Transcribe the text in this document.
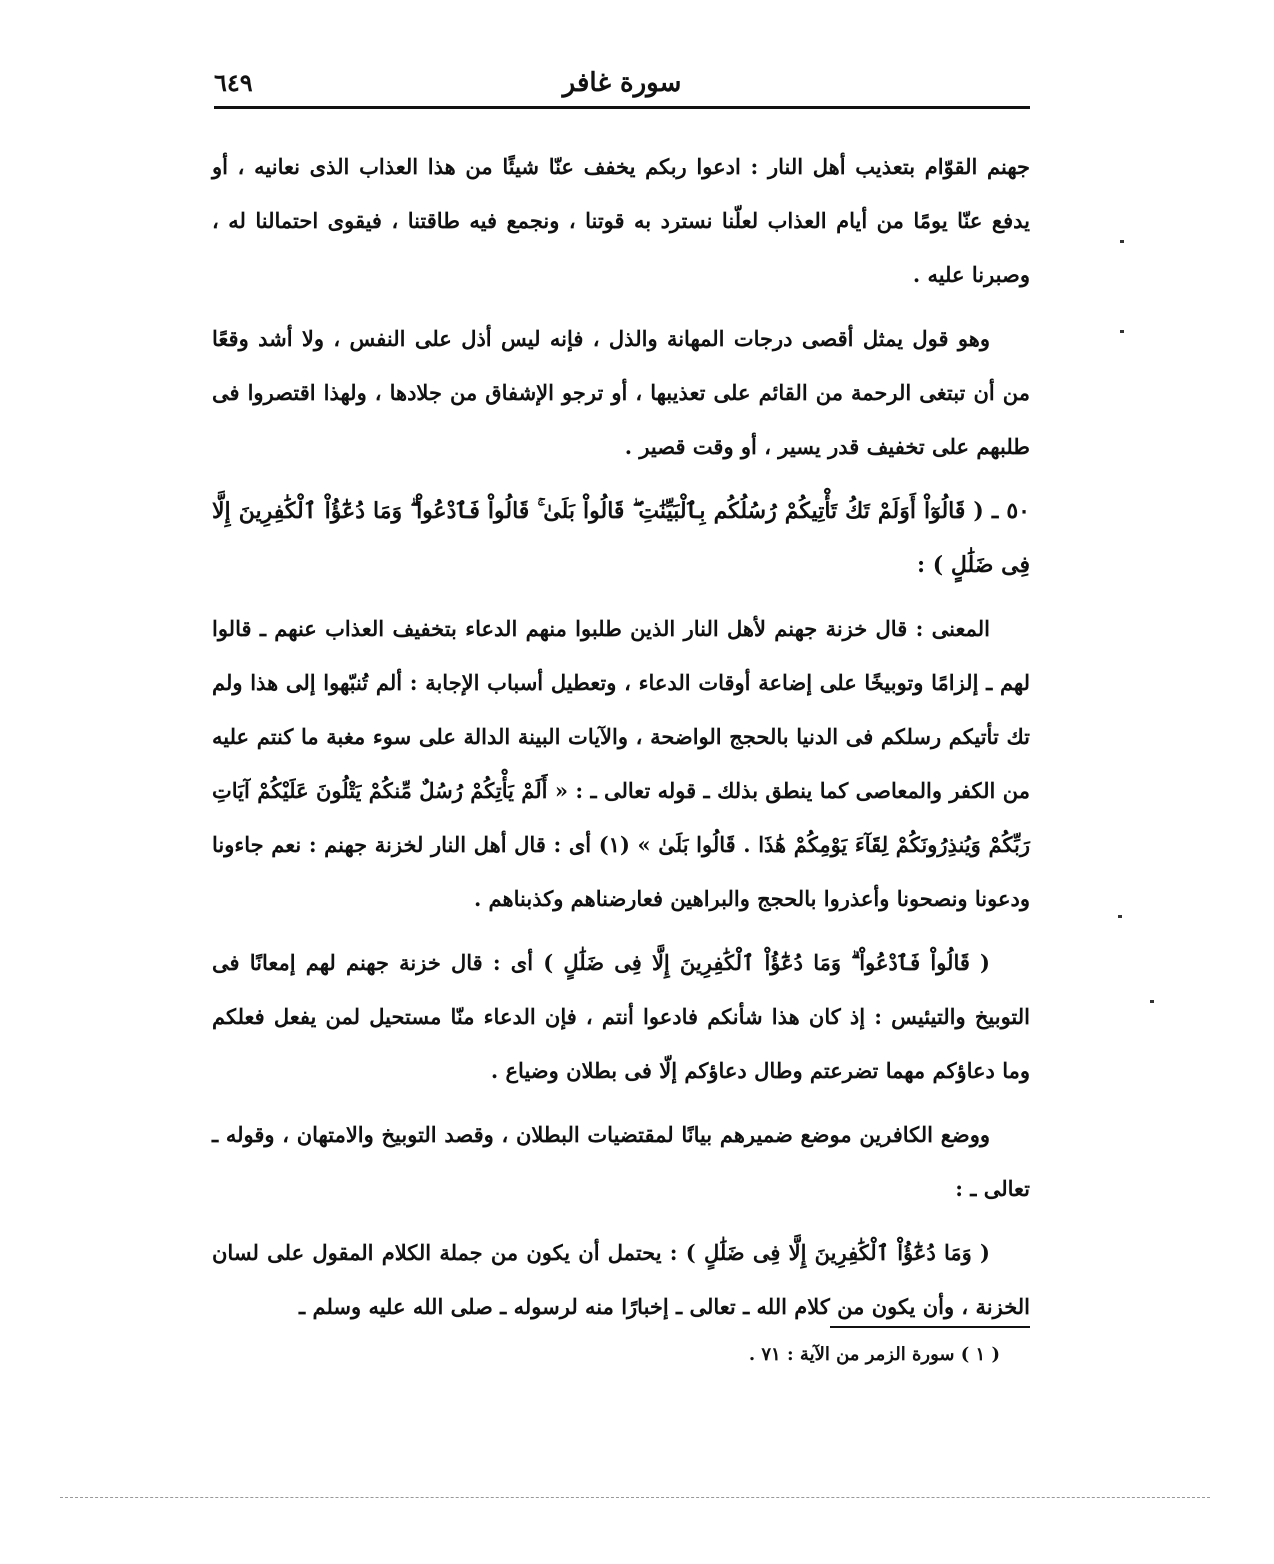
سورة غافر
٦٤٩

جهنم القوّام بتعذيب أهل النار : ادعوا ربكم يخفف عنّا شيئًا من هذا العذاب الذى نعانيه ، أو يدفع عنّا يومًا من أيام العذاب لعلّنا نسترد به قوتنا ، ونجمع فيه طاقتنا ، فيقوى احتمالنا له ، وصبرنا عليه .

وهو قول يمثل أقصى درجات المهانة والذل ، فإنه ليس أذل على النفس ، ولا أشد وقعًا من أن تبتغى الرحمة من القائم على تعذيبها ، أو ترجو الإشفاق من جلادها ، ولهذا اقتصروا فى طلبهم على تخفيف قدر يسير ، أو وقت قصير .

٥٠ ـ ( قَالُوٓاْ أَوَلَمْ تَكُ تَأْتِيكُمْ رُسُلُكُم بِٱلْبَيِّنَٰتِ ۖ قَالُواْ بَلَىٰ ۚ قَالُواْ فَٱدْعُواْ ۗ وَمَا دُعَٰٓؤُاْ ٱلْكَٰفِرِينَ إِلَّا فِى ضَلَٰلٍ ) :

المعنى : قال خزنة جهنم لأهل النار الذين طلبوا منهم الدعاء بتخفيف العذاب عنهم ـ قالوا لهم ـ إلزامًا وتوبيخًا على إضاعة أوقات الدعاء ، وتعطيل أسباب الإجابة : ألم تُنبّهوا إلى هذا ولم تك تأتيكم رسلكم فى الدنيا بالحجج الواضحة ، والآيات البينة الدالة على سوء مغبة ما كنتم عليه من الكفر والمعاصى كما ينطق بذلك ـ قوله تعالى ـ : « أَلَمْ يَأْتِكُمْ رُسُلٌ مِّنكُمْ يَتْلُونَ عَلَيْكُمْ آيَاتِ رَبِّكُمْ وَيُنذِرُونَكُمْ لِقَآءَ يَوْمِكُمْ هَٰذَا . قَالُوا بَلَىٰ » (١) أى : قال أهل النار لخزنة جهنم : نعم جاءونا ودعونا ونصحونا وأعذروا بالحجج والبراهين فعارضناهم وكذبناهم .

( قَالُواْ فَٱدْعُواْ ۗ وَمَا دُعَٰٓؤُاْ ٱلْكَٰفِرِينَ إِلَّا فِى ضَلَٰلٍ ) أى : قال خزنة جهنم لهم إمعانًا فى التوبيخ والتيئيس : إذ كان هذا شأنكم فادعوا أنتم ، فإن الدعاء منّا مستحيل لمن يفعل فعلكم وما دعاؤكم مهما تضرعتم وطال دعاؤكم إلّا فى بطلان وضياع .

ووضع الكافرين موضع ضميرهم بيانًا لمقتضيات البطلان ، وقصد التوبيخ والامتهان ، وقوله ـ تعالى ـ :

( وَمَا دُعَٰٓؤُاْ ٱلْكَٰفِرِينَ إِلَّا فِى ضَلَٰلٍ ) : يحتمل أن يكون من جملة الكلام المقول على لسان الخزنة ، وأن يكون من كلام الله ـ تعالى ـ إخبارًا منه لرسوله ـ صلى الله عليه وسلم ـ

( ١ ) سورة الزمر من الآية : ٧١ .
